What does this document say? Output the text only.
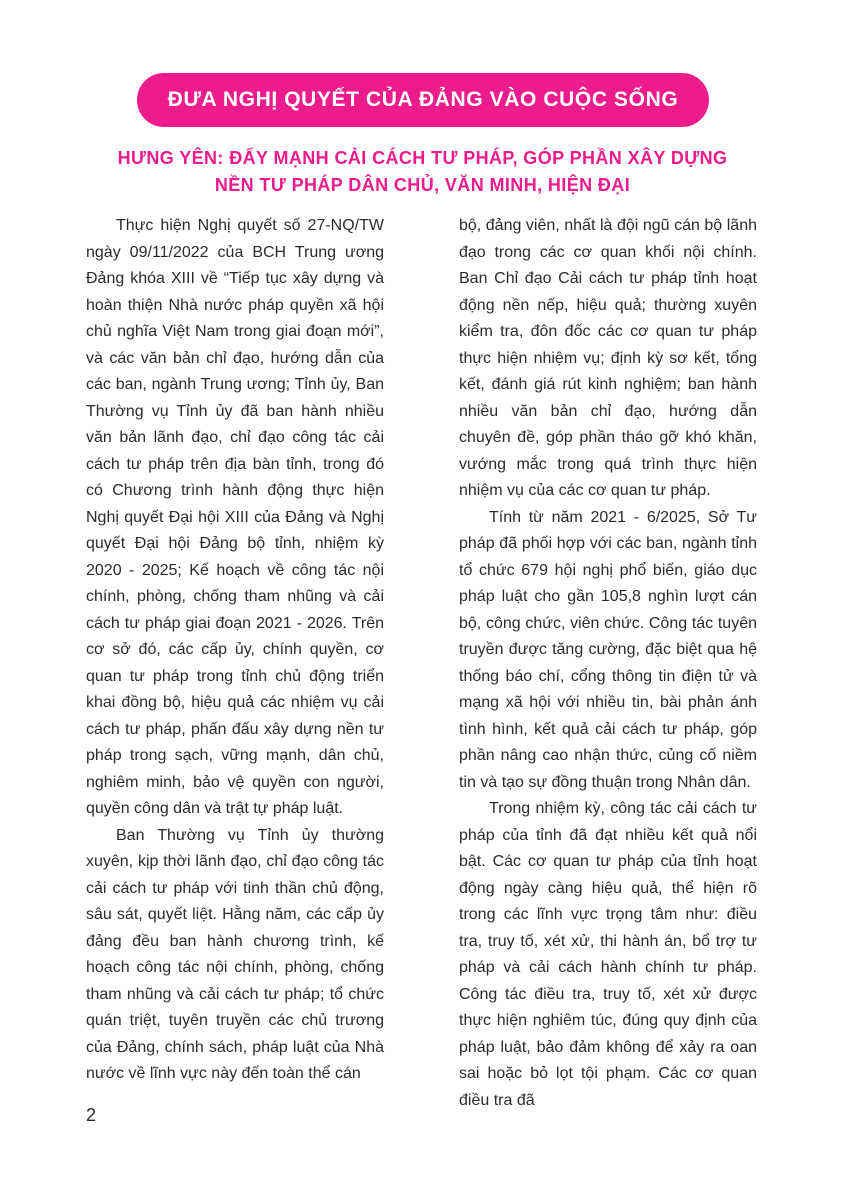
ĐƯA NGHỊ QUYẾT CỦA ĐẢNG VÀO CUỘC SỐNG
HƯNG YÊN: ĐẨY MẠNH CẢI CÁCH TƯ PHÁP, GÓP PHẦN XÂY DỰNG
NỀN TƯ PHÁP DÂN CHỦ, VĂN MINH, HIỆN ĐẠI

Thực hiện Nghị quyết số 27-NQ/TW ngày 09/11/2022 của BCH Trung ương Đảng khóa XIII về “Tiếp tục xây dựng và hoàn thiện Nhà nước pháp quyền xã hội chủ nghĩa Việt Nam trong giai đoạn mới”, và các văn bản chỉ đạo, hướng dẫn của các ban, ngành Trung ương; Tỉnh ủy, Ban Thường vụ Tỉnh ủy đã ban hành nhiều văn bản lãnh đạo, chỉ đạo công tác cải cách tư pháp trên địa bàn tỉnh, trong đó có Chương trình hành động thực hiện Nghị quyết Đại hội XIII của Đảng và Nghị quyết Đại hội Đảng bộ tỉnh, nhiệm kỳ 2020 - 2025; Kế hoạch về công tác nội chính, phòng, chống tham nhũng và cải cách tư pháp giai đoạn 2021 - 2026. Trên cơ sở đó, các cấp ủy, chính quyền, cơ quan tư pháp trong tỉnh chủ động triển khai đồng bộ, hiệu quả các nhiệm vụ cải cách tư pháp, phấn đấu xây dựng nền tư pháp trong sạch, vững mạnh, dân chủ, nghiêm minh, bảo vệ quyền con người, quyền công dân và trật tự pháp luật.

Ban Thường vụ Tỉnh ủy thường xuyên, kịp thời lãnh đạo, chỉ đạo công tác cải cách tư pháp với tinh thần chủ động, sâu sát, quyết liệt. Hằng năm, các cấp ủy đảng đều ban hành chương trình, kế hoạch công tác nội chính, phòng, chống tham nhũng và cải cách tư pháp; tổ chức quán triệt, tuyên truyền các chủ trương của Đảng, chính sách, pháp luật của Nhà nước về lĩnh vực này đến toàn thể cán

bộ, đảng viên, nhất là đội ngũ cán bộ lãnh đạo trong các cơ quan khối nội chính. Ban Chỉ đạo Cải cách tư pháp tỉnh hoạt động nền nếp, hiệu quả; thường xuyên kiểm tra, đôn đốc các cơ quan tư pháp thực hiện nhiệm vụ; định kỳ sơ kết, tổng kết, đánh giá rút kinh nghiệm; ban hành nhiều văn bản chỉ đạo, hướng dẫn chuyên đề, góp phần tháo gỡ khó khăn, vướng mắc trong quá trình thực hiện nhiệm vụ của các cơ quan tư pháp.

Tính từ năm 2021 - 6/2025, Sở Tư pháp đã phối hợp với các ban, ngành tỉnh tổ chức 679 hội nghị phổ biến, giáo dục pháp luật cho gần 105,8 nghìn lượt cán bộ, công chức, viên chức. Công tác tuyên truyền được tăng cường, đặc biệt qua hệ thống báo chí, cổng thông tin điện tử và mạng xã hội với nhiều tin, bài phản ánh tình hình, kết quả cải cách tư pháp, góp phần nâng cao nhận thức, củng cố niềm tin và tạo sự đồng thuận trong Nhân dân.

Trong nhiệm kỳ, công tác cải cách tư pháp của tỉnh đã đạt nhiều kết quả nổi bật. Các cơ quan tư pháp của tỉnh hoạt động ngày càng hiệu quả, thể hiện rõ trong các lĩnh vực trọng tâm như: điều tra, truy tố, xét xử, thi hành án, bổ trợ tư pháp và cải cách hành chính tư pháp. Công tác điều tra, truy tố, xét xử được thực hiện nghiêm túc, đúng quy định của pháp luật, bảo đảm không để xảy ra oan sai hoặc bỏ lọt tội phạm. Các cơ quan điều tra đã

2
